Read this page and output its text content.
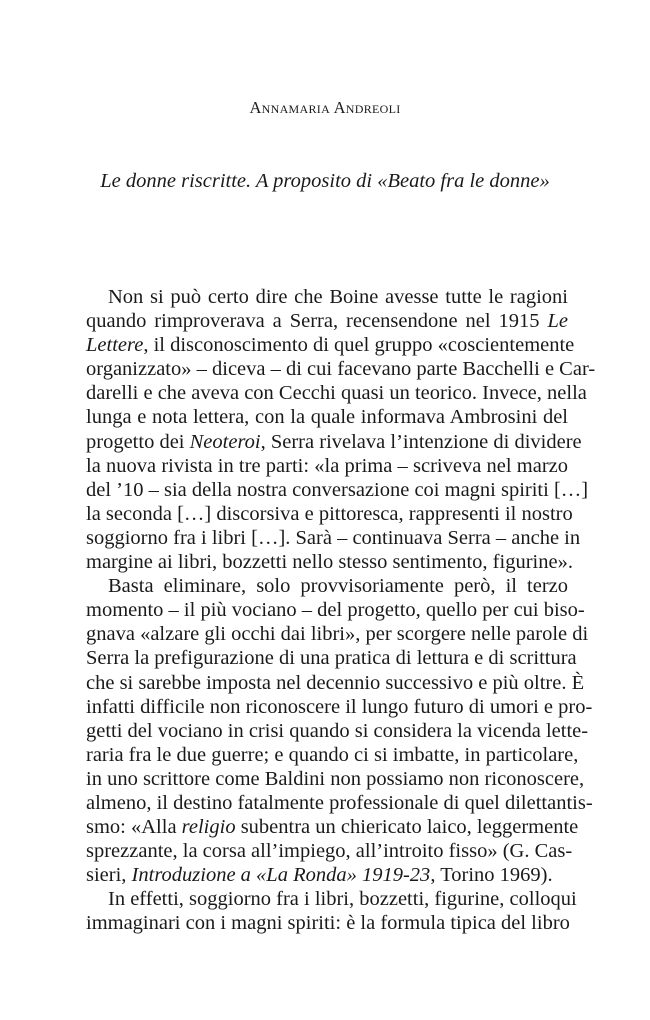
Annamaria Andreoli
Le donne riscritte. A proposito di «Beato fra le donne»
Non si può certo dire che Boine avesse tutte le ragioni
quando rimproverava a Serra, recensendone nel 1915 Le
Lettere, il disconoscimento di quel gruppo «coscientemente
organizzato» – diceva – di cui facevano parte Bacchelli e Car-
darelli e che aveva con Cecchi quasi un teorico. Invece, nella
lunga e nota lettera, con la quale informava Ambrosini del
progetto dei Neoteroi, Serra rivelava l’intenzione di dividere
la nuova rivista in tre parti: «la prima – scriveva nel marzo
del ’10 – sia della nostra conversazione coi magni spiriti […]
la seconda […] discorsiva e pittoresca, rappresenti il nostro
soggiorno fra i libri […]. Sarà – continuava Serra – anche in
margine ai libri, bozzetti nello stesso sentimento, figurine».
Basta eliminare, solo provvisoriamente però, il terzo
momento – il più vociano – del progetto, quello per cui biso-
gnava «alzare gli occhi dai libri», per scorgere nelle parole di
Serra la prefigurazione di una pratica di lettura e di scrittura
che si sarebbe imposta nel decennio successivo e più oltre. È
infatti difficile non riconoscere il lungo futuro di umori e pro-
getti del vociano in crisi quando si considera la vicenda lette-
raria fra le due guerre; e quando ci si imbatte, in particolare,
in uno scrittore come Baldini non possiamo non riconoscere,
almeno, il destino fatalmente professionale di quel dilettantis-
smo: «Alla religio subentra un chiericato laico, leggermente
sprezzante, la corsa all’impiego, all’introito fisso» (G. Cas-
sieri, Introduzione a «La Ronda» 1919-23, Torino 1969).
In effetti, soggiorno fra i libri, bozzetti, figurine, colloqui
immaginari con i magni spiriti: è la formula tipica del libro
